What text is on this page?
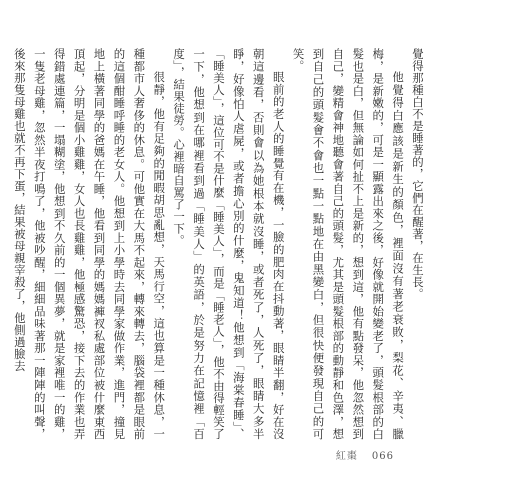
覺得那種白不是睡著的，它們在醒著，在生長。

他覺得白應該是新生的顏色，裡面沒有著老衰敗，梨花、辛夷、臘梅，是新嫩的，可是一顯露出來之後，好像就開始變老了，頭髮根部的白髮也是白，但無論如何扯不上是新的，想到這，他有點發呆，他忽然想到自己，變精會神地聽會著自己的頭髮，尤其是頭髮根部的動靜和色澤，想到自己的頭髮會不會也一點一點地在由黑變白，但很快便發現自己的可笑。

眼前的老人的睡覺有在機，一臉的肥肉在抖動著，眼睛半翻，好在沒朝這邊看，否則會以為她根本就沒睡，或者死了，人死了，眼睛大多半睜，好像怕人虐屍，或者擔心別的什麼，鬼知道！他想到「海棠春睡」、「睡美人」，這位可不是什麼「睡美人」，而是「睡老人」，他不由得輕笑了一下，他想到在哪裡看到過「睡美人」的英語，於是努力在記憶裡「百度」，結果徒勞。心裡暗自罵了一下。

很靜，他有足夠的閒暇胡思亂想，天馬行空，這也算是一種休息，一種都市人奢侈的休息。可他實在大馬不起來，轉來轉去，腦袋裡都是眼前的這個酣睡呼睡的老女人。他想到上小學時去同學家做作業，進門，撞見地上橫著同學的爸媽在午睡，他看到同學的媽媽褲衩私處部位被什麼東西頂起，分明是個小雞雞，女人也長雞雞，他極感驚恐，接下去的作業也弄得錯處連篇，一塌糊塗，他想到不久前的一個異夢，就是家裡唯一的雞，一隻老母雞，忽然半夜打鳴了，他被吵醒，細細品味著那一陣陣的叫聲，後來那隻母雞也就不再下蛋，結果被母親宰殺了，他側過臉去

紅棗 066
